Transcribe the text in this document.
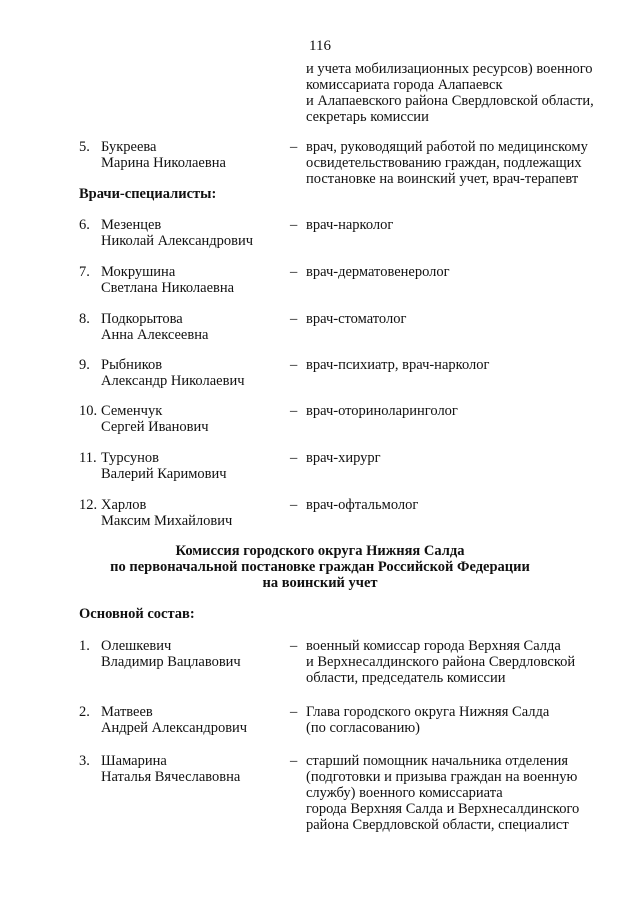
116
и учета мобилизационных ресурсов) военного
комиссариата города Алапаевск
и Алапаевского района Свердловской области,
секретарь комиссии
5. Букреева
Марина Николаевна
– врач, руководящий работой по медицинскому
освидетельствованию граждан, подлежащих
постановке на воинский учет, врач-терапевт
Врачи-специалисты:
6. Мезенцев
Николай Александрович
– врач-нарколог
7. Мокрушина
Светлана Николаевна
– врач-дерматовенеролог
8. Подкорытова
Анна Алексеевна
– врач-стоматолог
9. Рыбников
Александр Николаевич
– врач-психиатр, врач-нарколог
10. Семенчук
Сергей Иванович
– врач-оториноларинголог
11. Турсунов
Валерий Каримович
– врач-хирург
12. Харлов
Максим Михайлович
– врач-офтальмолог
Комиссия городского округа Нижняя Салда
по первоначальной постановке граждан Российской Федерации
на воинский учет
Основной состав:
1. Олешкевич
Владимир Вацлавович
– военный комиссар города Верхняя Салда
и Верхнесалдинского района Свердловской
области, председатель комиссии
2. Матвеев
Андрей Александрович
– Глава городского округа Нижняя Салда
(по согласованию)
3. Шамарина
Наталья Вячеславовна
– старший помощник начальника отделения
(подготовки и призыва граждан на военную
службу) военного комиссариата
города Верхняя Салда и Верхнесалдинского
района Свердловской области, специалист
